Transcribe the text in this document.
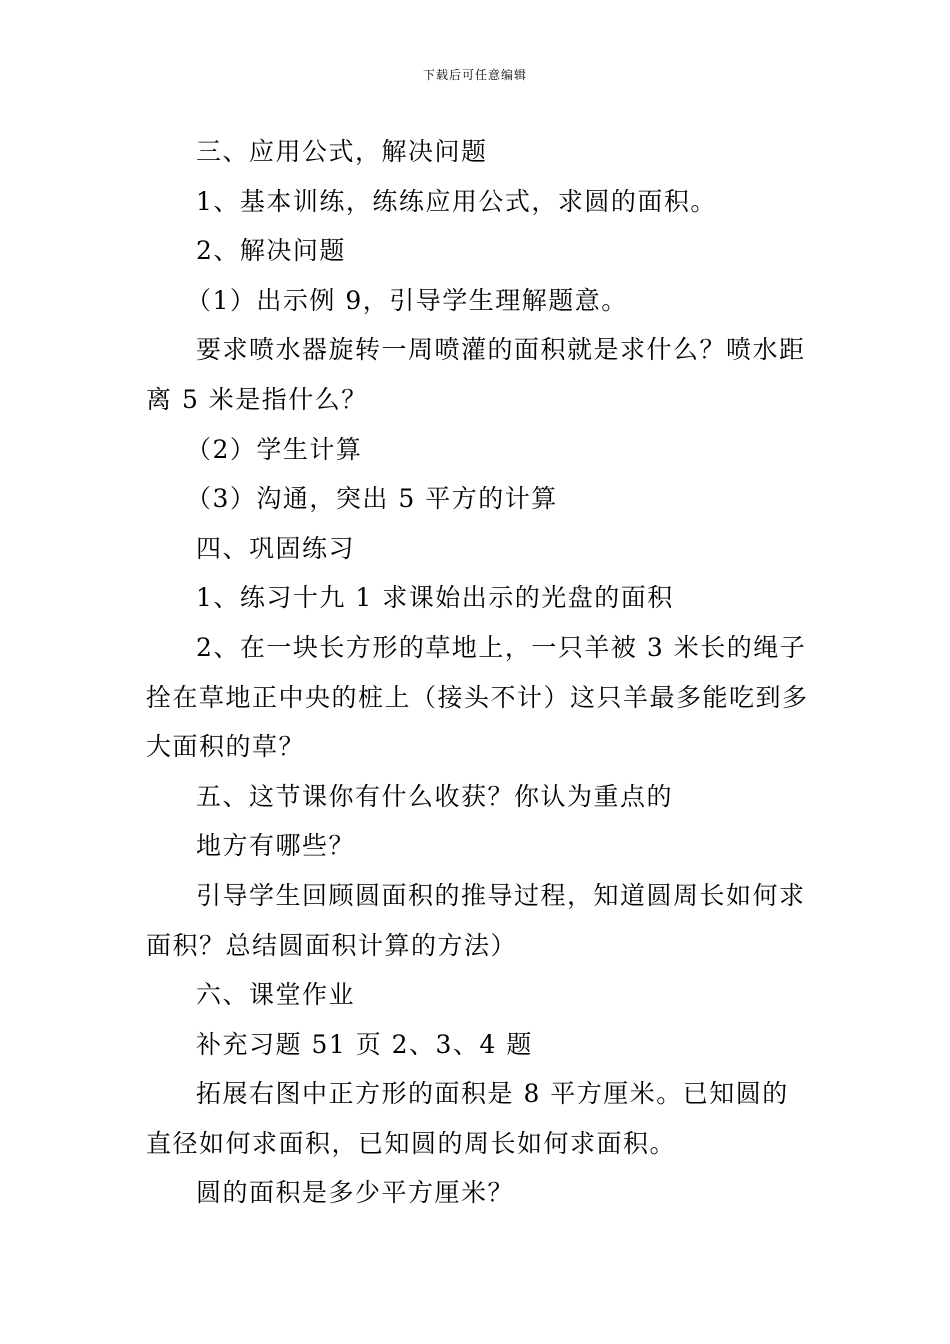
下载后可任意编辑

三、应用公式，解决问题

1、基本训练，练练应用公式，求圆的面积。

2、解决问题

（1）出示例 9，引导学生理解题意。

要求喷水器旋转一周喷灌的面积就是求什么？喷水距离 5 米是指什么？

（2）学生计算

（3）沟通，突出 5 平方的计算

四、巩固练习

1、练习十九 1 求课始出示的光盘的面积

2、在一块长方形的草地上，一只羊被 3 米长的绳子拴在草地正中央的桩上（接头不计）这只羊最多能吃到多大面积的草？

五、这节课你有什么收获？你认为重点的

地方有哪些？

引导学生回顾圆面积的推导过程，知道圆周长如何求面积？总结圆面积计算的方法）

六、课堂作业

补充习题 51 页 2、3、4 题

拓展右图中正方形的面积是 8 平方厘米。已知圆的直径如何求面积，已知圆的周长如何求面积。

圆的面积是多少平方厘米？
